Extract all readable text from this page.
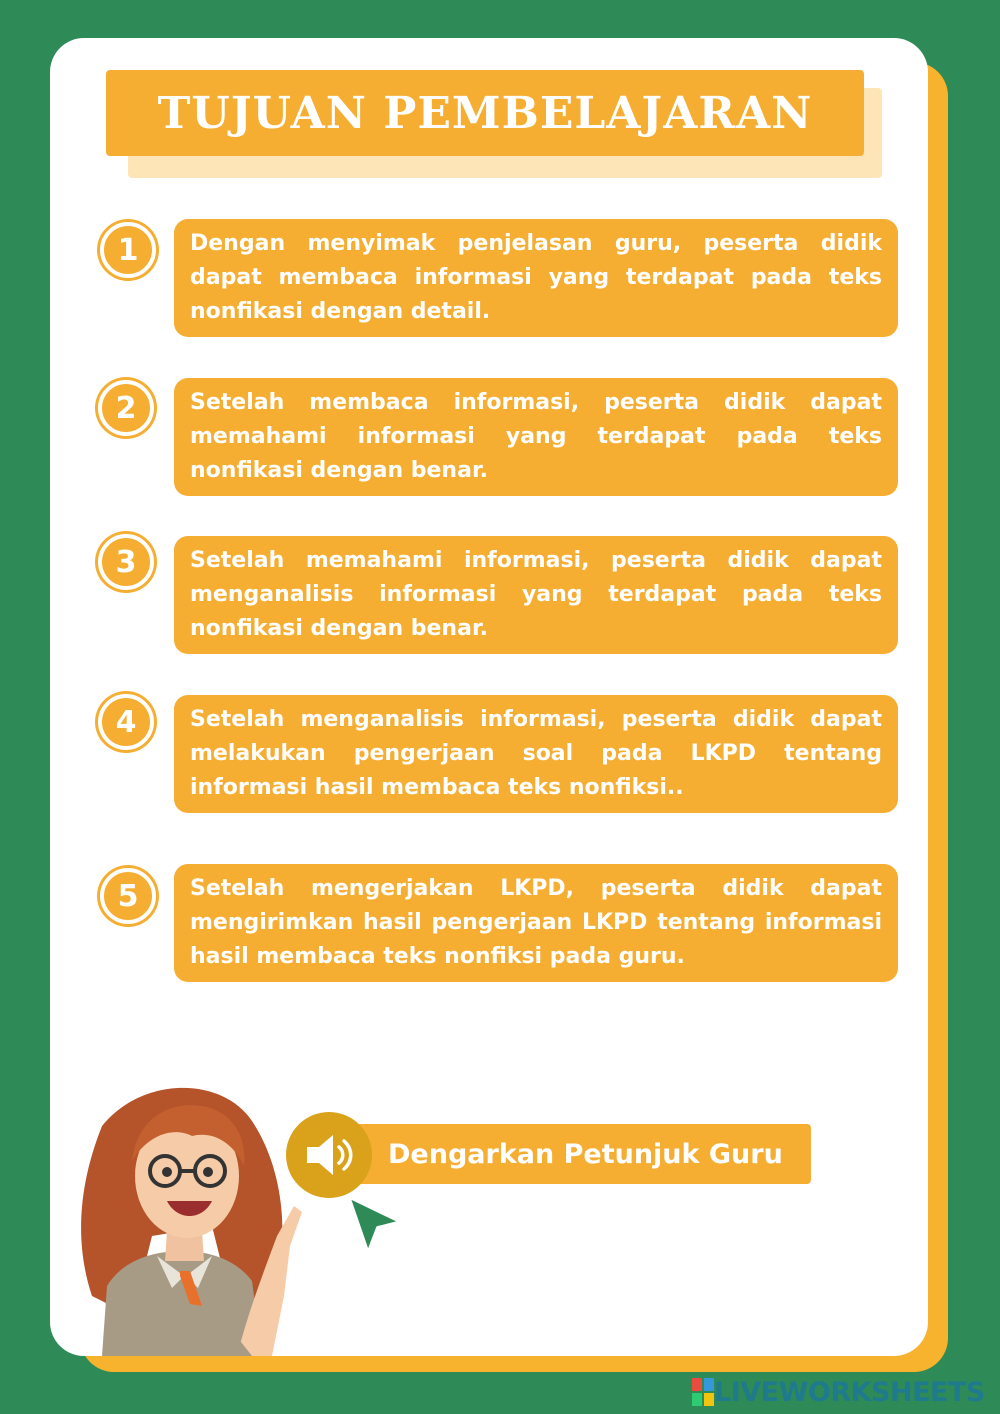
TUJUAN PEMBELAJARAN
1	Dengan menyimak penjelasan guru, peserta didik dapat membaca informasi yang terdapat pada teks nonfikasi dengan detail.

2	Setelah membaca informasi, peserta didik dapat memahami informasi yang terdapat pada teks nonfikasi dengan benar.

3	Setelah memahami informasi, peserta didik dapat menganalisis informasi yang terdapat pada teks nonfikasi dengan benar.

4	Setelah menganalisis informasi, peserta didik dapat melakukan pengerjaan soal pada LKPD tentang informasi hasil membaca teks nonfiksi..

5	Setelah mengerjakan LKPD, peserta didik dapat mengirimkan hasil pengerjaan LKPD tentang informasi hasil membaca teks nonfiksi pada guru.

Dengarkan Petunjuk Guru
LIVEWORKSHEETS
